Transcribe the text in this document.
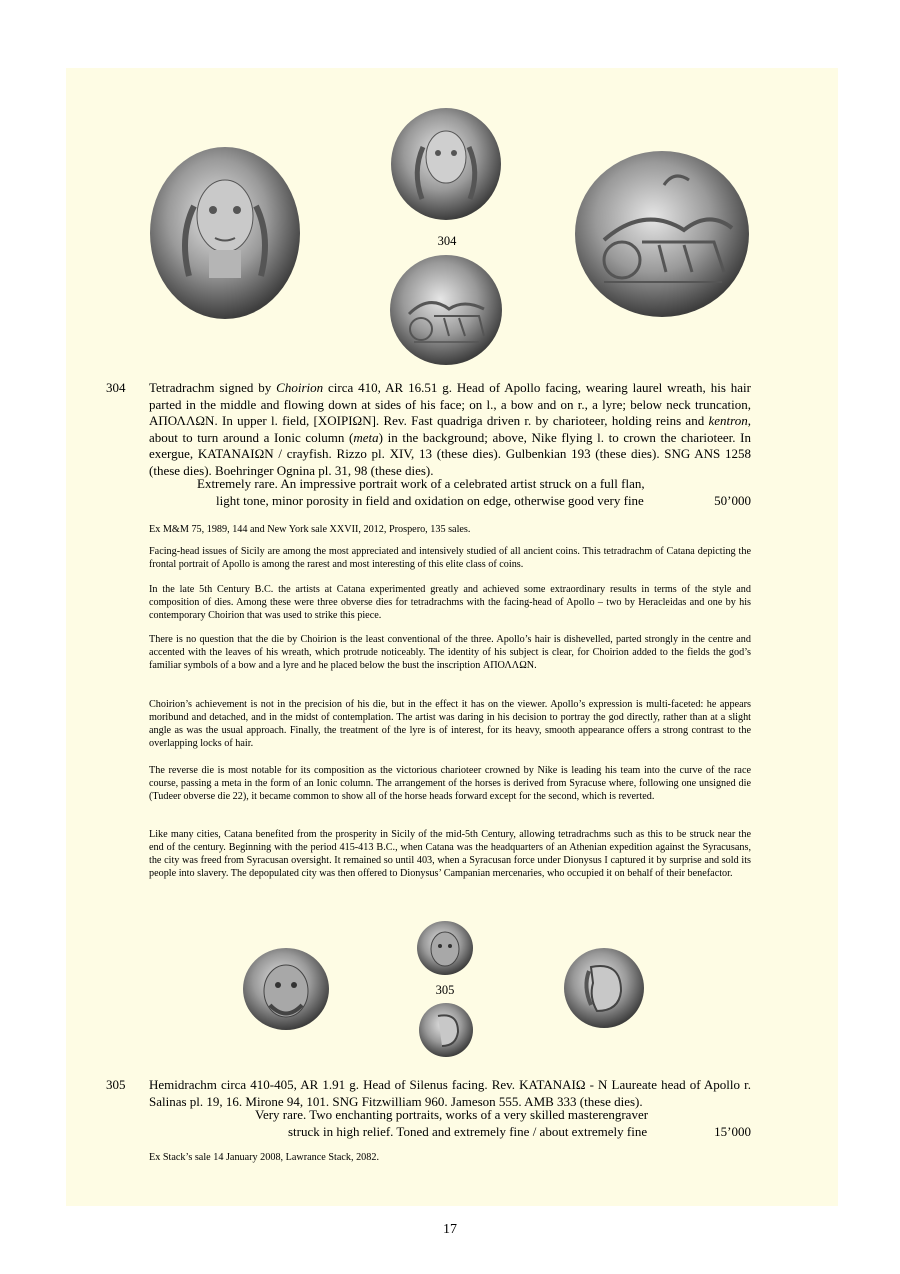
304
304 Tetradrachm signed by Choirion circa 410, AR 16.51 g. Head of Apollo facing, wearing laurel wreath, his hair parted in the middle and flowing down at sides of his face; on l., a bow and on r., a lyre; below neck truncation, ΑΠΟΛΛΩΝ. In upper l. field, [ΧΟΙΡΙΩΝ]. Rev. Fast quadriga driven r. by charioteer, holding reins and kentron, about to turn around a Ionic column (meta) in the background; above, Nike flying l. to crown the charioteer. In exergue, ΚΑΤΑΝΑΙΩΝ / crayfish. Rizzo pl. XIV, 13 (these dies). Gulbenkian 193 (these dies). SNG ANS 1258 (these dies). Boehringer Ognina pl. 31, 98 (these dies).
Extremely rare. An impressive portrait work of a celebrated artist struck on a full flan,
light tone, minor porosity in field and oxidation on edge, otherwise good very fine	50’000
Ex M&M 75, 1989, 144 and New York sale XXVII, 2012, Prospero, 135 sales.
Facing-head issues of Sicily are among the most appreciated and intensively studied of all ancient coins. This tetradrachm of Catana depicting the frontal portrait of Apollo is among the rarest and most interesting of this elite class of coins.
In the late 5th Century B.C. the artists at Catana experimented greatly and achieved some extraordinary results in terms of the style and composition of dies. Among these were three obverse dies for tetradrachms with the facing-head of Apollo – two by Heracleidas and one by his contemporary Choirion that was used to strike this piece.
There is no question that the die by Choirion is the least conventional of the three. Apollo’s hair is dishevelled, parted strongly in the centre and accented with the leaves of his wreath, which protrude noticeably. The identity of his subject is clear, for Choirion added to the fields the god’s familiar symbols of a bow and a lyre and he placed below the bust the inscription ΑΠΟΛΛΩΝ.
Choirion’s achievement is not in the precision of his die, but in the effect it has on the viewer. Apollo’s expression is multi-faceted: he appears moribund and detached, and in the midst of contemplation. The artist was daring in his decision to portray the god directly, rather than at a slight angle as was the usual approach. Finally, the treatment of the lyre is of interest, for its heavy, smooth appearance offers a strong contrast to the overlapping locks of hair.
The reverse die is most notable for its composition as the victorious charioteer crowned by Nike is leading his team into the curve of the race course, passing a meta in the form of an Ionic column. The arrangement of the horses is derived from Syracuse where, following one unsigned die (Tudeer obverse die 22), it became common to show all of the horse heads forward except for the second, which is reverted.
Like many cities, Catana benefited from the prosperity in Sicily of the mid-5th Century, allowing tetradrachms such as this to be struck near the end of the century. Beginning with the period 415-413 B.C., when Catana was the headquarters of an Athenian expedition against the Syracusans, the city was freed from Syracusan oversight. It remained so until 403, when a Syracusan force under Dionysus I captured it by surprise and sold its people into slavery. The depopulated city was then offered to Dionysus’ Campanian mercenaries, who occupied it on behalf of their benefactor.
305
305 Hemidrachm circa 410-405, AR 1.91 g. Head of Silenus facing. Rev. ΚΑΤΑΝΑΙΩ - Ν Laureate head of Apollo r. Salinas pl. 19, 16. Mirone 94, 101. SNG Fitzwilliam 960. Jameson 555. AMB 333 (these dies).
Very rare. Two enchanting portraits, works of a very skilled masterengraver
struck in high relief. Toned and extremely fine / about extremely fine	15’000
Ex Stack’s sale 14 January 2008, Lawrance Stack, 2082.
17
